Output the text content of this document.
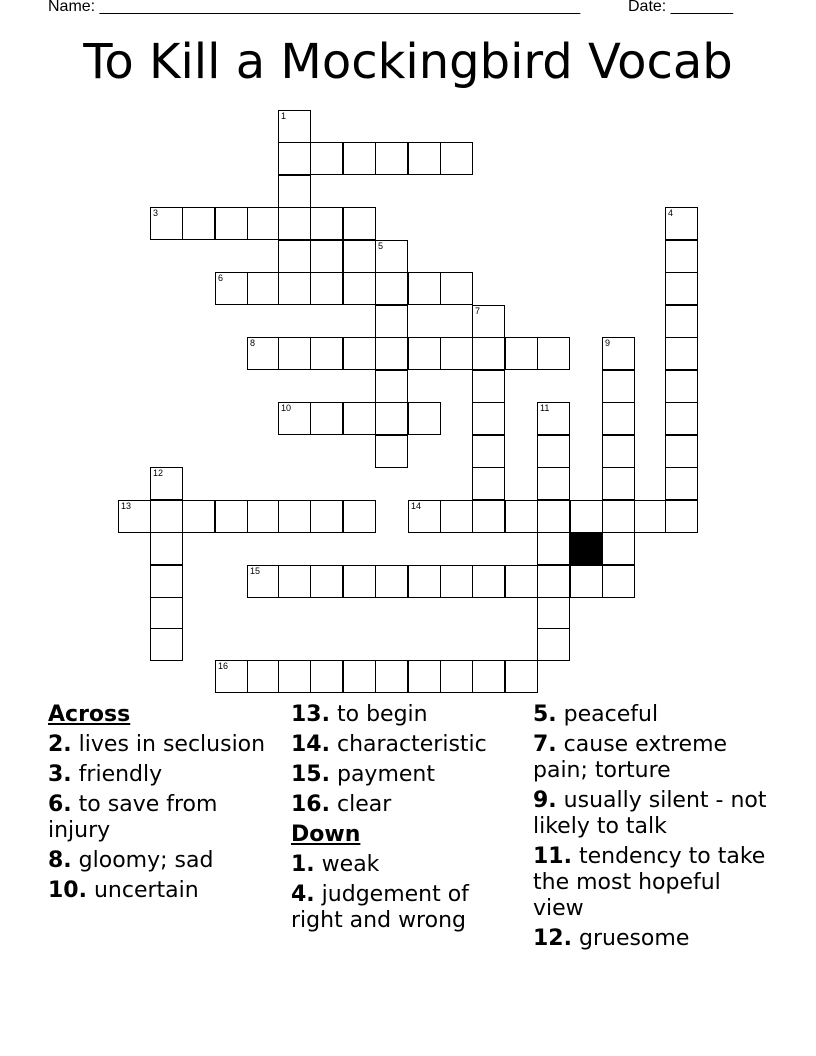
Name: ______________________________________________________	Date: _______
To Kill a Mockingbird Vocab
1
3	4
5
6
7
8	9
10	11
12
13	14
15
16
Across
2. lives in seclusion
3. friendly
6. to save from injury
8. gloomy; sad
10. uncertain
13. to begin
14. characteristic
15. payment
16. clear
Down
1. weak
4. judgement of right and wrong
5. peaceful
7. cause extreme pain; torture
9. usually silent - not likely to talk
11. tendency to take the most hopeful view
12. gruesome
